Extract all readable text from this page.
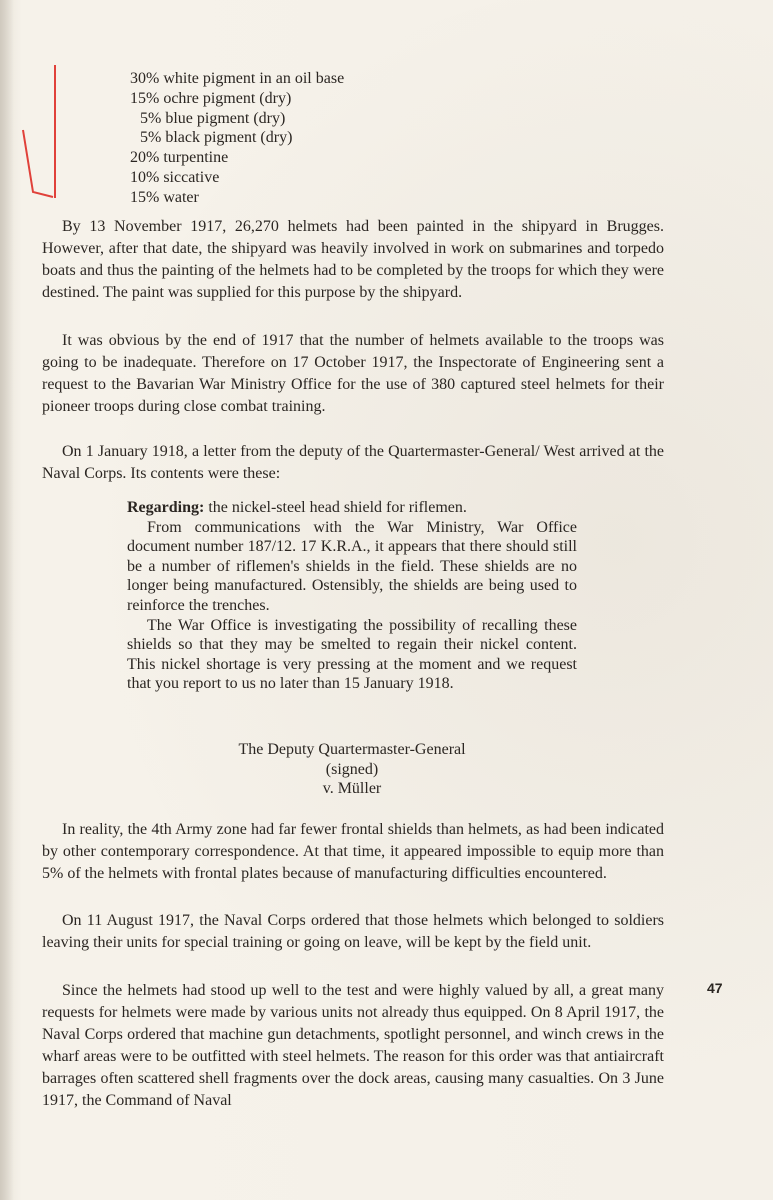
30% white pigment in an oil base
15% ochre pigment (dry)
5% blue pigment (dry)
5% black pigment (dry)
20% turpentine
10% siccative
15% water

By 13 November 1917, 26,270 helmets had been painted in the shipyard in Brugges. However, after that date, the shipyard was heavily involved in work on submarines and torpedo boats and thus the painting of the helmets had to be completed by the troops for which they were destined. The paint was supplied for this purpose by the shipyard.

It was obvious by the end of 1917 that the number of helmets available to the troops was going to be inadequate. Therefore on 17 October 1917, the Inspectorate of Engineering sent a request to the Bavarian War Ministry Office for the use of 380 captured steel helmets for their pioneer troops during close combat training.

On 1 January 1918, a letter from the deputy of the Quartermaster-General/ West arrived at the Naval Corps. Its contents were these:

Regarding: the nickel-steel head shield for riflemen.

From communications with the War Ministry, War Office document number 187/12. 17 K.R.A., it appears that there should still be a number of riflemen's shields in the field. These shields are no longer being manufactured. Ostensibly, the shields are being used to reinforce the trenches.

The War Office is investigating the possibility of recalling these shields so that they may be smelted to regain their nickel content. This nickel shortage is very pressing at the moment and we request that you report to us no later than 15 January 1918.

The Deputy Quartermaster-General
(signed)
v. Müller

In reality, the 4th Army zone had far fewer frontal shields than helmets, as had been indicated by other contemporary correspondence. At that time, it appeared impossible to equip more than 5% of the helmets with frontal plates because of manufacturing difficulties encountered.

On 11 August 1917, the Naval Corps ordered that those helmets which belonged to soldiers leaving their units for special training or going on leave, will be kept by the field unit.

Since the helmets had stood up well to the test and were highly valued by all, a great many requests for helmets were made by various units not already thus equipped. On 8 April 1917, the Naval Corps ordered that machine gun detachments, spotlight personnel, and winch crews in the wharf areas were to be outfitted with steel helmets. The reason for this order was that antiaircraft barrages often scattered shell fragments over the dock areas, causing many casualties. On 3 June 1917, the Command of Naval

47
